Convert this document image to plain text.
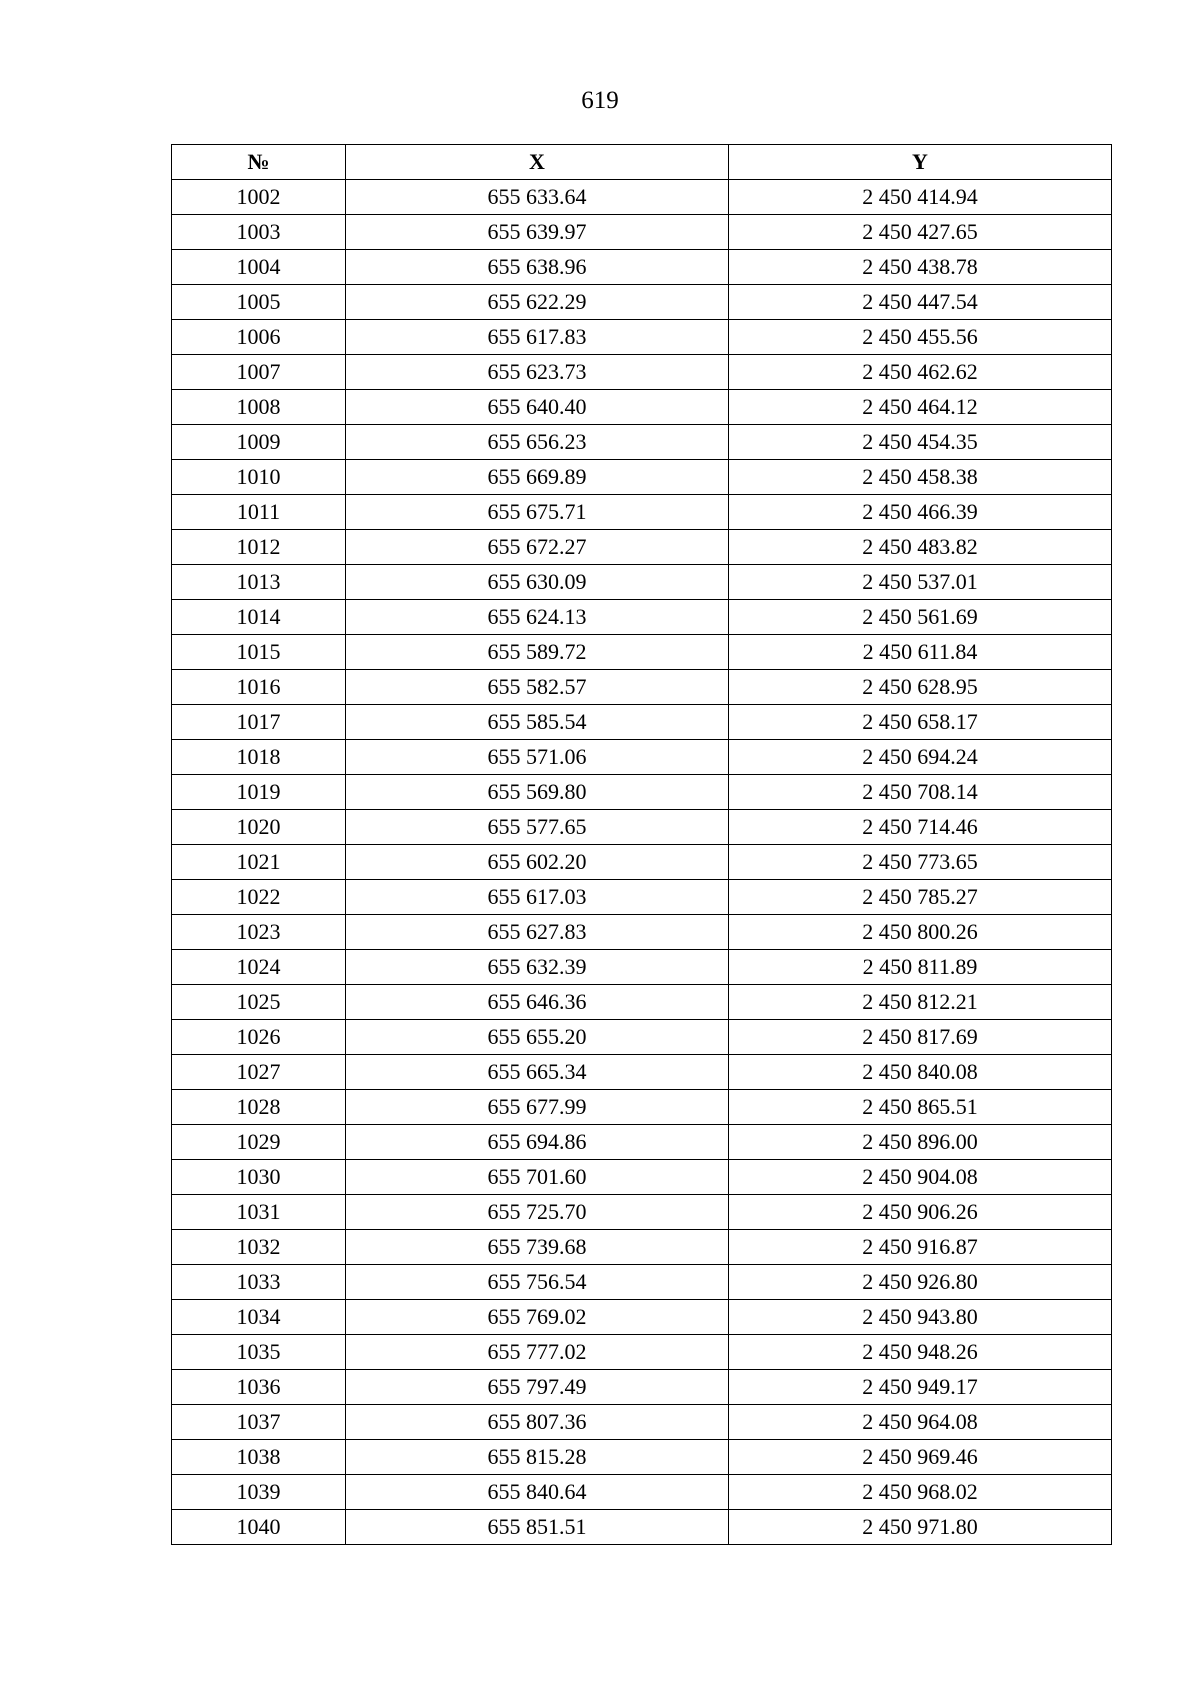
619
№	X	Y
1002	655 633.64	2 450 414.94
1003	655 639.97	2 450 427.65
1004	655 638.96	2 450 438.78
1005	655 622.29	2 450 447.54
1006	655 617.83	2 450 455.56
1007	655 623.73	2 450 462.62
1008	655 640.40	2 450 464.12
1009	655 656.23	2 450 454.35
1010	655 669.89	2 450 458.38
1011	655 675.71	2 450 466.39
1012	655 672.27	2 450 483.82
1013	655 630.09	2 450 537.01
1014	655 624.13	2 450 561.69
1015	655 589.72	2 450 611.84
1016	655 582.57	2 450 628.95
1017	655 585.54	2 450 658.17
1018	655 571.06	2 450 694.24
1019	655 569.80	2 450 708.14
1020	655 577.65	2 450 714.46
1021	655 602.20	2 450 773.65
1022	655 617.03	2 450 785.27
1023	655 627.83	2 450 800.26
1024	655 632.39	2 450 811.89
1025	655 646.36	2 450 812.21
1026	655 655.20	2 450 817.69
1027	655 665.34	2 450 840.08
1028	655 677.99	2 450 865.51
1029	655 694.86	2 450 896.00
1030	655 701.60	2 450 904.08
1031	655 725.70	2 450 906.26
1032	655 739.68	2 450 916.87
1033	655 756.54	2 450 926.80
1034	655 769.02	2 450 943.80
1035	655 777.02	2 450 948.26
1036	655 797.49	2 450 949.17
1037	655 807.36	2 450 964.08
1038	655 815.28	2 450 969.46
1039	655 840.64	2 450 968.02
1040	655 851.51	2 450 971.80
